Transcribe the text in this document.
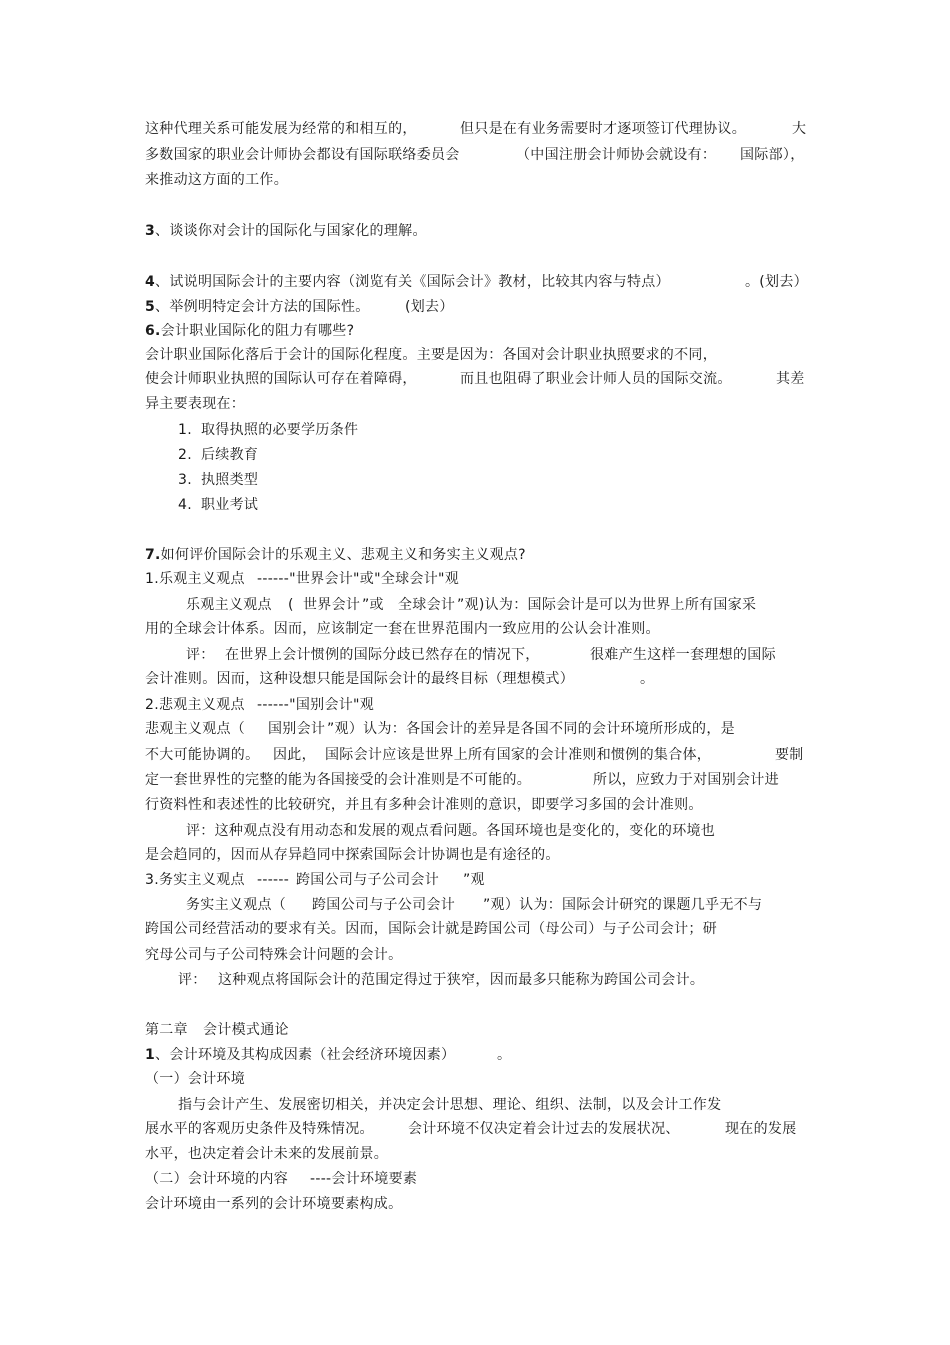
这种代理关系可能发展为经常的和相互的，	但只是在有业务需要时才逐项签订代理协议。	大
多数国家的职业会计师协会都设有国际联络委员会	（中国注册会计师协会就设有： 国际部），
来推动这方面的工作。
3、谈谈你对会计的国际化与国家化的理解。
4、试说明国际会计的主要内容（浏览有关《国际会计》教材，比较其内容与特点）	。(划去）
5、举例明特定会计方法的国际性。	(划去）
6.会计职业国际化的阻力有哪些?
会计职业国际化落后于会计的国际化程度。主要是因为：各国对会计职业执照要求的不同，
使会计师职业执照的国际认可存在着障碍，	而且也阻碍了职业会计师人员的国际交流。	其差
异主要表现在：
1. 取得执照的必要学历条件
2. 后续教育
3. 执照类型
4. 职业考试
7.如何评价国际会计的乐观主义、悲观主义和务实主义观点?
1.乐观主义观点 ------"世界会计"或"全球会计"观
乐观主义观点 ( 世界会计 ”或 全球会计 ”观)认为：国际会计是可以为世界上所有国家采
用的全球会计体系。因而，应该制定一套在世界范围内一致应用的公认会计准则。
评： 在世界上会计惯例的国际分歧已然存在的情况下，	很难产生这样一套理想的国际
会计准则。因而，这种设想只能是国际会计的最终目标（理想模式）	。
2.悲观主义观点 ------"国别会计"观
悲观主义观点（ 国别会计 ”观）认为：各国会计的差异是各国不同的会计环境所形成的，是
不大可能协调的。 因此， 国际会计应该是世界上所有国家的会计准则和惯例的集合体，	要制
定一套世界性的完整的能为各国接受的会计准则是不可能的。	所以，应致力于对国别会计进
行资料性和表述性的比较研究，并且有多种会计准则的意识，即要学习多国的会计准则。
评：这种观点没有用动态和发展的观点看问题。各国环境也是变化的，变化的环境也
是会趋同的，因而从存异趋同中探索国际会计协调也是有途径的。
3.务实主义观点 ------ 跨国公司与子公司会计 ”观
务实主义观点（ 跨国公司与子公司会计 ”观）认为：国际会计研究的课题几乎无不与
跨国公司经营活动的要求有关。因而，国际会计就是跨国公司（母公司）与子公司会计；研
究母公司与子公司特殊会计问题的会计。
评： 这种观点将国际会计的范围定得过于狭窄，因而最多只能称为跨国公司会计。
第二章 会计模式通论
1、会计环境及其构成因素（社会经济环境因素）	。
（一）会计环境
指与会计产生、发展密切相关，并决定会计思想、理论、组织、法制，以及会计工作发
展水平的客观历史条件及特殊情况。 会计环境不仅决定着会计过去的发展状况、	现在的发展
水平，也决定着会计未来的发展前景。
（二）会计环境的内容 ----会计环境要素
会计环境由一系列的会计环境要素构成。
